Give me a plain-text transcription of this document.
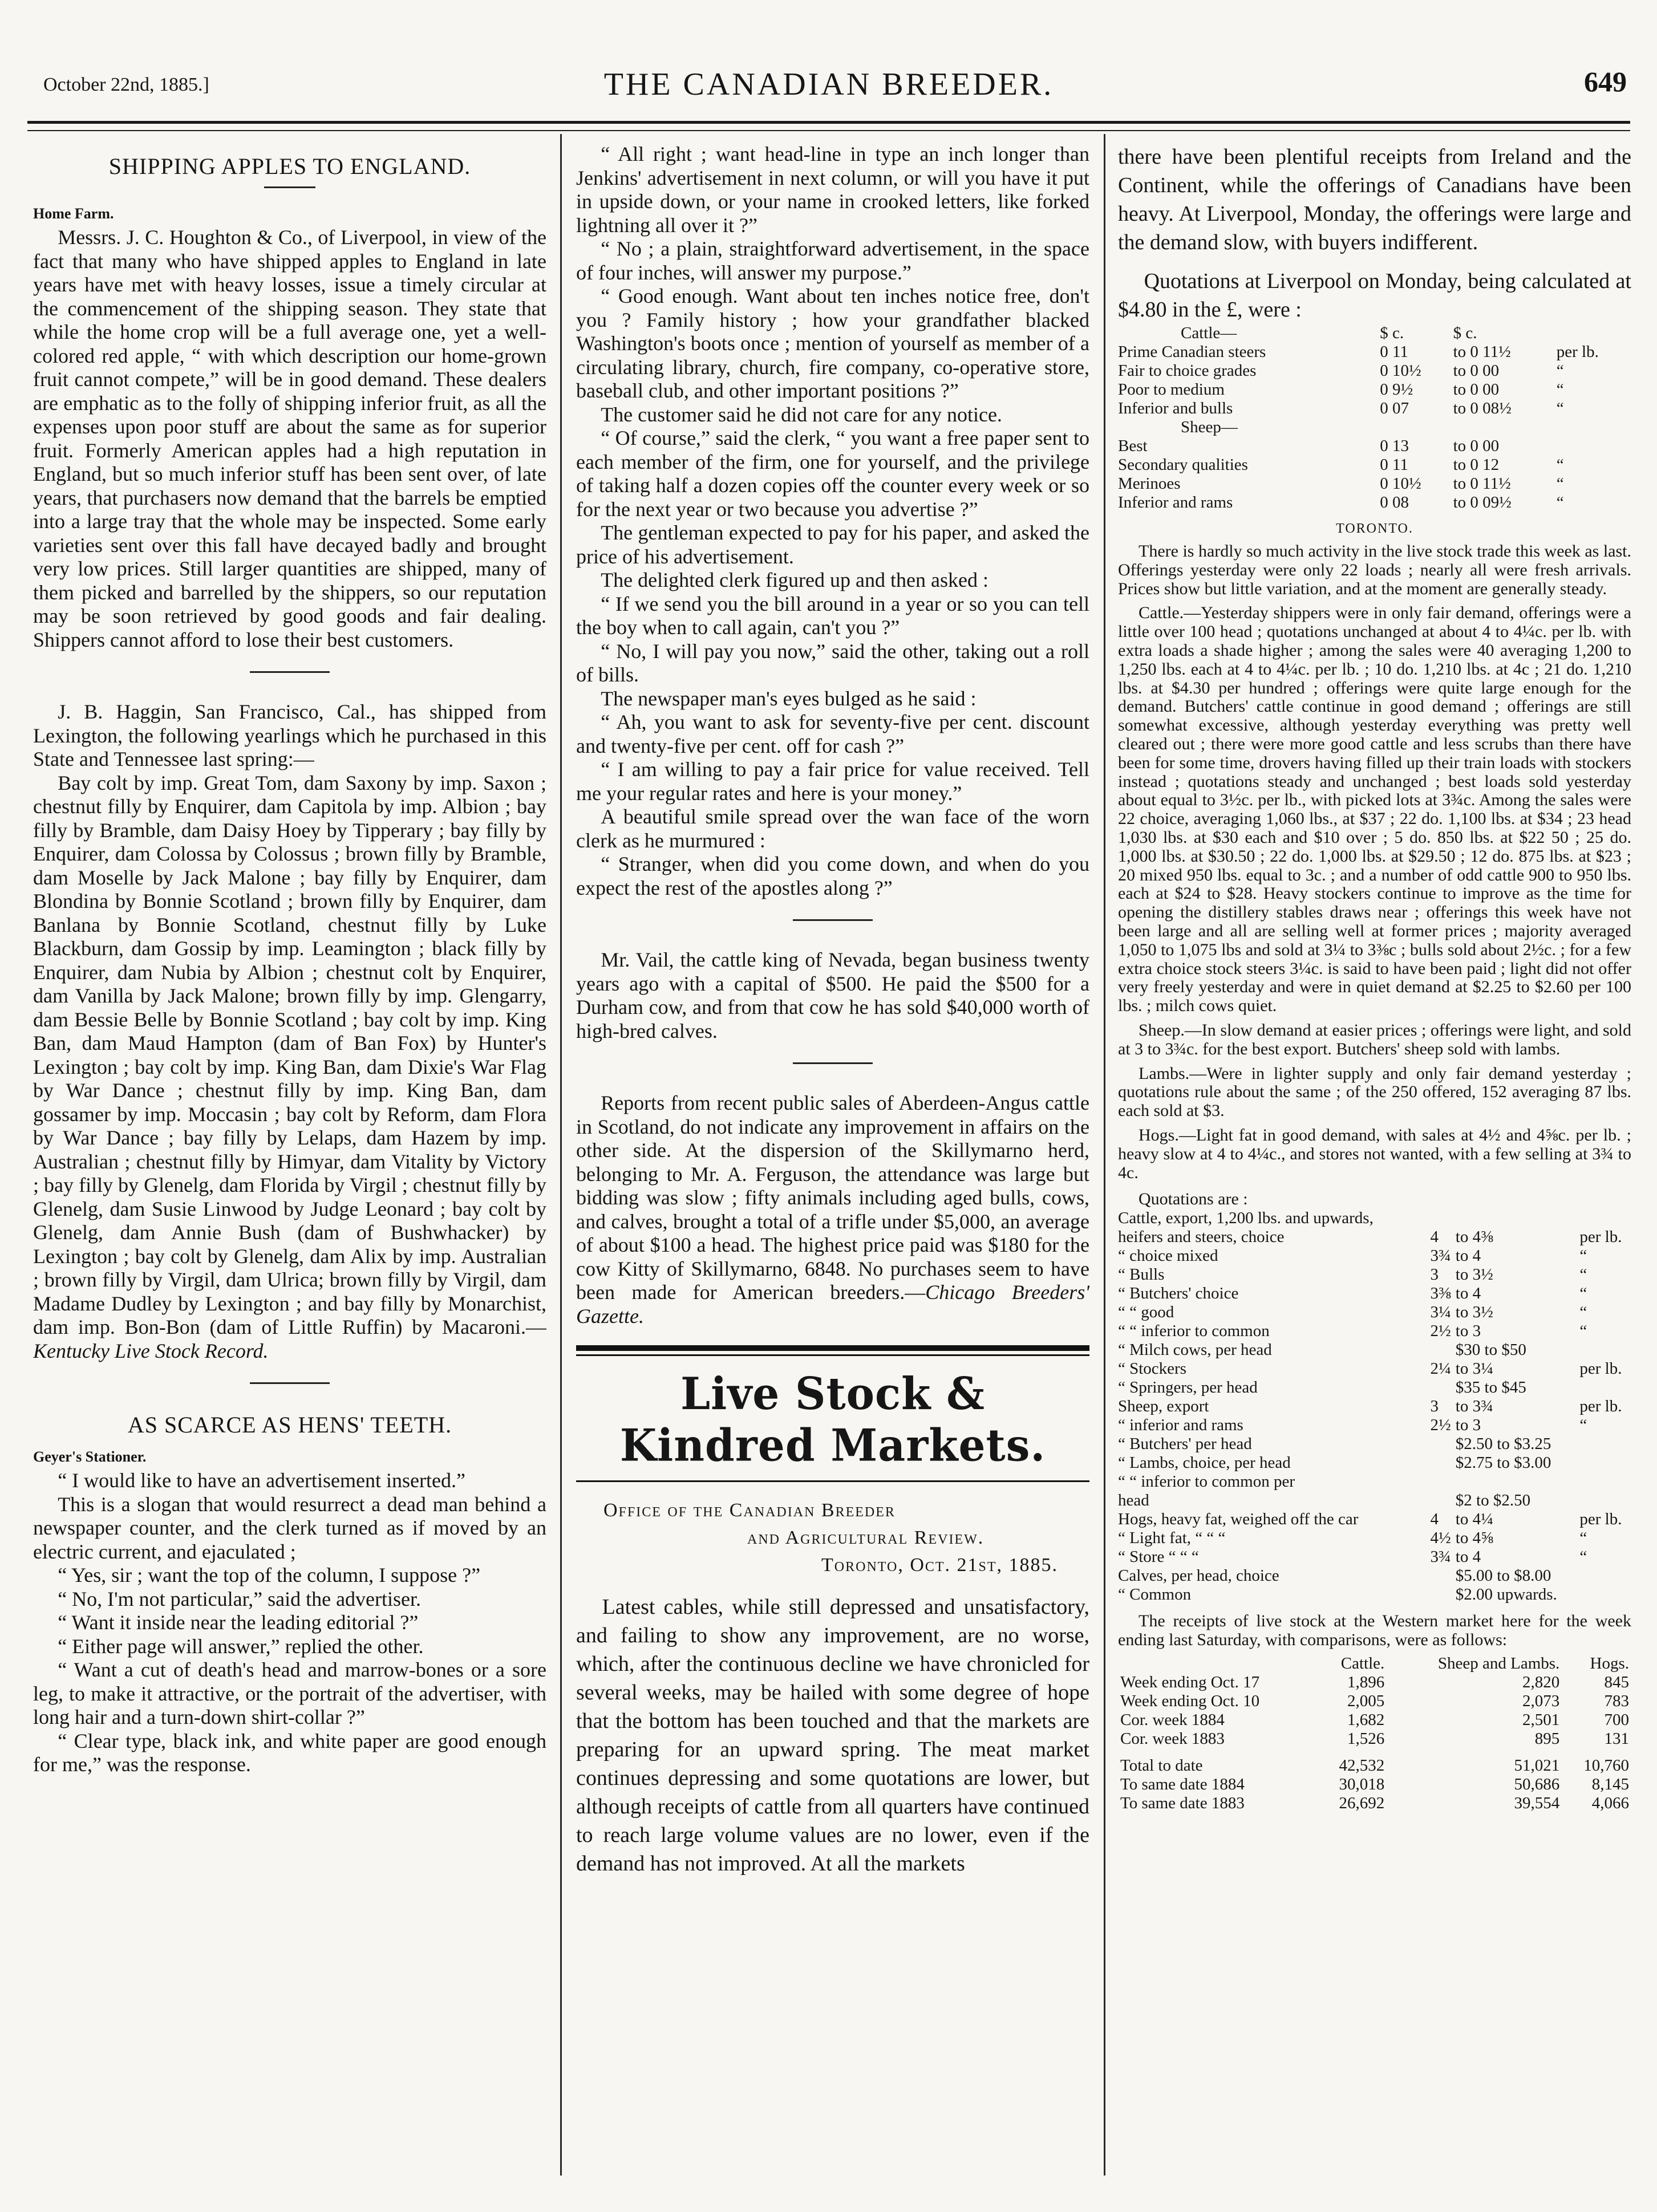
October 22nd, 1885.]	THE CANADIAN BREEDER.	649
SHIPPING APPLES TO ENGLAND.
Home Farm.

Messrs. J. C. Houghton & Co., of Liverpool, in view of the fact that many who have shipped apples to England in late years have met with heavy losses, issue a timely circular at the commencement of the shipping season. They state that while the home crop will be a full average one, yet a well-colored red apple, “ with which description our home-grown fruit cannot compete,” will be in good demand. These dealers are emphatic as to the folly of shipping inferior fruit, as all the expenses upon poor stuff are about the same as for superior fruit. Formerly American apples had a high reputation in England, but so much inferior stuff has been sent over, of late years, that purchasers now demand that the barrels be emptied into a large tray that the whole may be inspected. Some early varieties sent over this fall have decayed badly and brought very low prices. Still larger quantities are shipped, many of them picked and barrelled by the shippers, so our reputation may be soon retrieved by good goods and fair dealing. Shippers cannot afford to lose their best customers.

J. B. Haggin, San Francisco, Cal., has shipped from Lexington, the following yearlings which he purchased in this State and Tennessee last spring:—

Bay colt by imp. Great Tom, dam Saxony by imp. Saxon ; chestnut filly by Enquirer, dam Capitola by imp. Albion ; bay filly by Bramble, dam Daisy Hoey by Tipperary ; bay filly by Enquirer, dam Colossa by Colossus ; brown filly by Bramble, dam Moselle by Jack Malone ; bay filly by Enquirer, dam Blondina by Bonnie Scotland ; brown filly by Enquirer, dam Banlana by Bonnie Scotland, chestnut filly by Luke Blackburn, dam Gossip by imp. Leamington ; black filly by Enquirer, dam Nubia by Albion ; chestnut colt by Enquirer, dam Vanilla by Jack Malone; brown filly by imp. Glengarry, dam Bessie Belle by Bonnie Scotland ; bay colt by imp. King Ban, dam Maud Hampton (dam of Ban Fox) by Hunter's Lexington ; bay colt by imp. King Ban, dam Dixie's War Flag by War Dance ; chestnut filly by imp. King Ban, dam gossamer by imp. Moccasin ; bay colt by Reform, dam Flora by War Dance ; bay filly by Lelaps, dam Hazem by imp. Australian ; chestnut filly by Himyar, dam Vitality by Victory ; bay filly by Glenelg, dam Florida by Virgil ; chestnut filly by Glenelg, dam Susie Linwood by Judge Leonard ; bay colt by Glenelg, dam Annie Bush (dam of Bushwhacker) by Lexington ; bay colt by Glenelg, dam Alix by imp. Australian ; brown filly by Virgil, dam Ulrica; brown filly by Virgil, dam Madame Dudley by Lexington ; and bay filly by Monarchist, dam imp. Bon-Bon (dam of Little Ruffin) by Macaroni.—Kentucky Live Stock Record.

AS SCARCE AS HENS' TEETH.
Geyer's Stationer.

“ I would like to have an advertisement inserted.”

This is a slogan that would resurrect a dead man behind a newspaper counter, and the clerk turned as if moved by an electric current, and ejaculated ;

“ Yes, sir ; want the top of the column, I suppose ?”

“ No, I'm not particular,” said the advertiser.

“ Want it inside near the leading editorial ?”

“ Either page will answer,” replied the other.

“ Want a cut of death's head and marrow-bones or a sore leg, to make it attractive, or the portrait of the advertiser, with long hair and a turn-down shirt-collar ?”

“ Clear type, black ink, and white paper are good enough for me,” was the response.

“ All right ; want head-line in type an inch longer than Jenkins' advertisement in next column, or will you have it put in upside down, or your name in crooked letters, like forked lightning all over it ?”

“ No ; a plain, straightforward advertisement, in the space of four inches, will answer my purpose.”

“ Good enough. Want about ten inches notice free, don't you ? Family history ; how your grandfather blacked Washington's boots once ; mention of yourself as member of a circulating library, church, fire company, co-operative store, baseball club, and other important positions ?”

The customer said he did not care for any notice.

“ Of course,” said the clerk, “ you want a free paper sent to each member of the firm, one for yourself, and the privilege of taking half a dozen copies off the counter every week or so for the next year or two because you advertise ?”

The gentleman expected to pay for his paper, and asked the price of his advertisement.

The delighted clerk figured up and then asked :

“ If we send you the bill around in a year or so you can tell the boy when to call again, can't you ?”

“ No, I will pay you now,” said the other, taking out a roll of bills.

The newspaper man's eyes bulged as he said :

“ Ah, you want to ask for seventy-five per cent. discount and twenty-five per cent. off for cash ?”

“ I am willing to pay a fair price for value received. Tell me your regular rates and here is your money.”

A beautiful smile spread over the wan face of the worn clerk as he murmured :

“ Stranger, when did you come down, and when do you expect the rest of the apostles along ?”

Mr. Vail, the cattle king of Nevada, began business twenty years ago with a capital of $500. He paid the $500 for a Durham cow, and from that cow he has sold $40,000 worth of high-bred calves.

Reports from recent public sales of Aberdeen-Angus cattle in Scotland, do not indicate any improvement in affairs on the other side. At the dispersion of the Skillymarno herd, belonging to Mr. A. Ferguson, the attendance was large but bidding was slow ; fifty animals including aged bulls, cows, and calves, brought a total of a trifle under $5,000, an average of about $100 a head. The highest price paid was $180 for the cow Kitty of Skillymarno, 6848. No purchases seem to have been made for American breeders.—Chicago Breeders' Gazette.

Live Stock & Kindred Markets.
Office of the Canadian Breeder
and Agricultural Review.
Toronto, Oct. 21st, 1885.

Latest cables, while still depressed and unsatisfactory, and failing to show any improvement, are no worse, which, after the continuous decline we have chronicled for several weeks, may be hailed with some degree of hope that the bottom has been touched and that the markets are preparing for an upward spring. The meat market continues depressing and some quotations are lower, but although receipts of cattle from all quarters have continued to reach large volume values are no lower, even if the demand has not improved. At all the markets

there have been plentiful receipts from Ireland and the Continent, while the offerings of Canadians have been heavy. At Liverpool, Monday, the offerings were large and the demand slow, with buyers indifferent.

Quotations at Liverpool on Monday, being calculated at $4.80 in the £, were :

Cattle—	$ c.	$ c.	
Prime Canadian steers	0 11	to 0 11½	per lb.
Fair to choice grades	0 10½	to 0 00	“
Poor to medium	0 9½	to 0 00	“
Inferior and bulls	0 07	to 0 08½	“
Sheep—			
Best	0 13	to 0 00	
Secondary qualities	0 11	to 0 12	“
Merinoes	0 10½	to 0 11½	“
Inferior and rams	0 08	to 0 09½	“
TORONTO.

There is hardly so much activity in the live stock trade this week as last. Offerings yesterday were only 22 loads ; nearly all were fresh arrivals. Prices show but little variation, and at the moment are generally steady.

Cattle.—Yesterday shippers were in only fair demand, offerings were a little over 100 head ; quotations unchanged at about 4 to 4¼c. per lb. with extra loads a shade higher ; among the sales were 40 averaging 1,200 to 1,250 lbs. each at 4 to 4¼c. per lb. ; 10 do. 1,210 lbs. at 4c ; 21 do. 1,210 lbs. at $4.30 per hundred ; offerings were quite large enough for the demand. Butchers' cattle continue in good demand ; offerings are still somewhat excessive, although yesterday everything was pretty well cleared out ; there were more good cattle and less scrubs than there have been for some time, drovers having filled up their train loads with stockers instead ; quotations steady and unchanged ; best loads sold yesterday about equal to 3½c. per lb., with picked lots at 3¾c. Among the sales were 22 choice, averaging 1,060 lbs., at $37 ; 22 do. 1,100 lbs. at $34 ; 23 head 1,030 lbs. at $30 each and $10 over ; 5 do. 850 lbs. at $22 50 ; 25 do. 1,000 lbs. at $30.50 ; 22 do. 1,000 lbs. at $29.50 ; 12 do. 875 lbs. at $23 ; 20 mixed 950 lbs. equal to 3c. ; and a number of odd cattle 900 to 950 lbs. each at $24 to $28. Heavy stockers continue to improve as the time for opening the distillery stables draws near ; offerings this week have not been large and all are selling well at former prices ; majority averaged 1,050 to 1,075 lbs and sold at 3¼ to 3⅜c ; bulls sold about 2½c. ; for a few extra choice stock steers 3¼c. is said to have been paid ; light did not offer very freely yesterday and were in quiet demand at $2.25 to $2.60 per 100 lbs. ; milch cows quiet.

Sheep.—In slow demand at easier prices ; offerings were light, and sold at 3 to 3¾c. for the best export. Butchers' sheep sold with lambs.

Lambs.—Were in lighter supply and only fair demand yesterday ; quotations rule about the same ; of the 250 offered, 152 averaging 87 lbs. each sold at $3.

Hogs.—Light fat in good demand, with sales at 4½ and 4⅝c. per lb. ; heavy slow at 4 to 4¼c., and stores not wanted, with a few selling at 3¾ to 4c.

Quotations are :

Cattle, export, 1,200 lbs. and upwards,			
heifers and steers, choice	4	to 4⅜	per lb.
“ choice mixed	3¾	to 4	“
“ Bulls	3	to 3½	“
“ Butchers' choice	3⅜	to 4	“
“ “ good	3¼	to 3½	“
“ “ inferior to common	2½	to 3	“
“ Milch cows, per head		$30 to $50	
“ Stockers	2¼	to 3¼	per lb.
“ Springers, per head		$35 to $45	
Sheep, export	3	to 3¾	per lb.
“ inferior and rams	2½	to 3	“
“ Butchers' per head		$2.50 to $3.25	
“ Lambs, choice, per head		$2.75 to $3.00	
“ “ inferior to common per			
head		$2 to $2.50	
Hogs, heavy fat, weighed off the car	4	to 4¼	per lb.
“ Light fat, “ “ “	4½	to 4⅝	“
“ Store “ “ “	3¾	to 4	“
Calves, per head, choice		$5.00 to $8.00	
“ Common		$2.00 upwards.	

The receipts of live stock at the Western market here for the week ending last Saturday, with comparisons, were as follows:

	Cattle.	Sheep and Lambs.	Hogs.
Week ending Oct. 17	1,896	2,820	845
Week ending Oct. 10	2,005	2,073	783
Cor. week 1884	1,682	2,501	700
Cor. week 1883	1,526	895	131

Total to date	42,532	51,021	10,760
To same date 1884	30,018	50,686	8,145
To same date 1883	26,692	39,554	4,066
